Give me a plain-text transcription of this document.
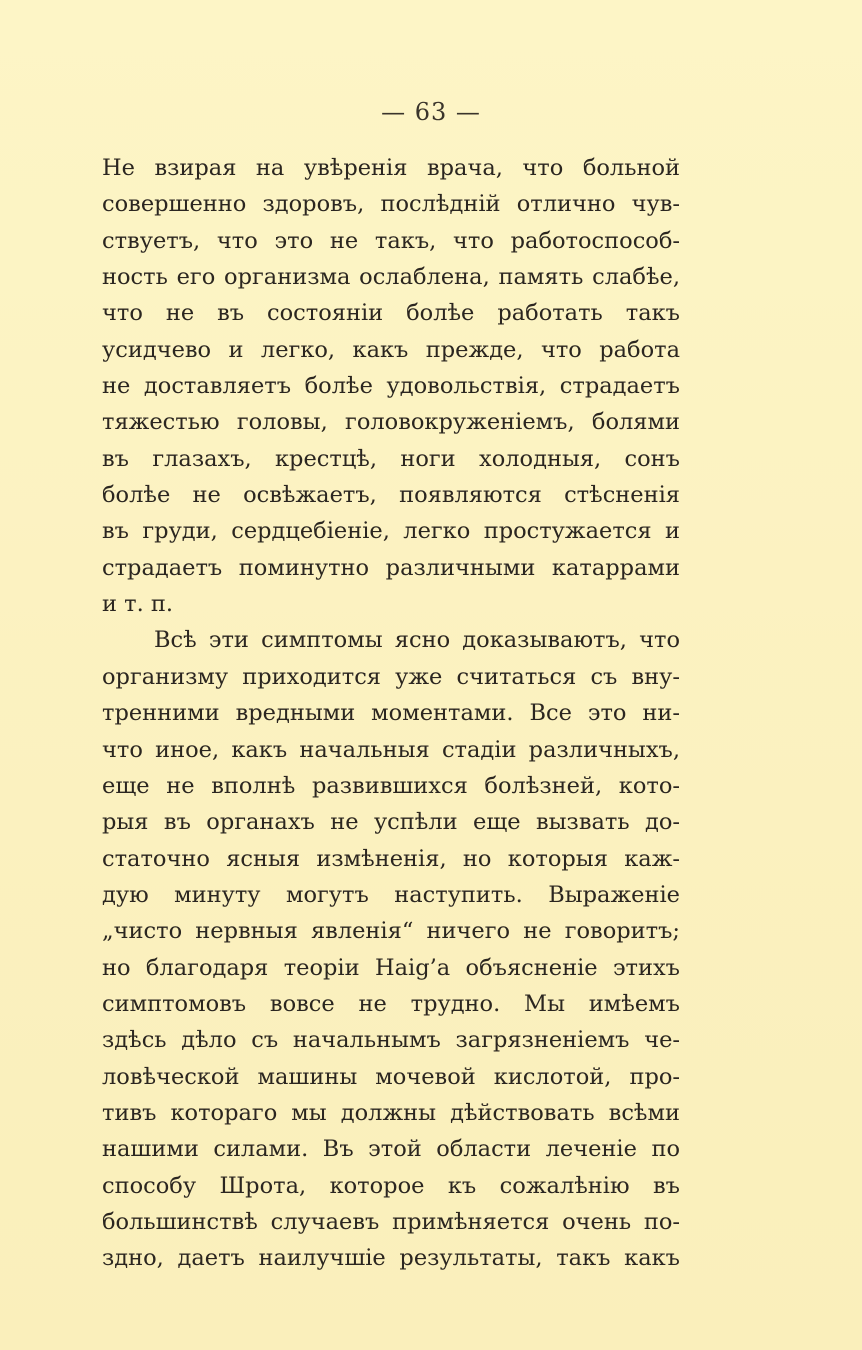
— 63 —
Не взирая на увѣренія врача, что больной
совершенно здоровъ, послѣдній отлично чув-
ствуетъ, что это не такъ, что работоспособ-
ность его организма ослаблена, память слабѣе,
что не въ состояніи болѣе работать такъ
усидчево и легко, какъ прежде, что работа
не доставляетъ болѣе удовольствія, страдаетъ
тяжестью головы, головокруженіемъ, болями
въ глазахъ, крестцѣ, ноги холодныя, сонъ
болѣе не освѣжаетъ, появляются стѣсненія
въ груди, сердцебіеніе, легко простужается и
страдаетъ поминутно различными катаррами
и т. п.
Всѣ эти симптомы ясно доказываютъ, что
организму приходится уже считаться съ вну-
тренними вредными моментами. Все это ни-
что иное, какъ начальныя стадіи различныхъ,
еще не вполнѣ развившихся болѣзней, кото-
рыя въ органахъ не успѣли еще вызвать до-
статочно ясныя измѣненія, но которыя каж-
дую минуту могутъ наступить. Выраженіе
„чисто нервныя явленія“ ничего не говоритъ;
но благодаря теоріи Haig’а объясненіе этихъ
симптомовъ вовсе не трудно. Мы имѣемъ
здѣсь дѣло съ начальнымъ загрязненіемъ че-
ловѣческой машины мочевой кислотой, про-
тивъ котораго мы должны дѣйствовать всѣми
нашими силами. Въ этой области леченіе по
способу Шрота, которое къ сожалѣнію въ
большинствѣ случаевъ примѣняется очень по-
здно, даетъ наилучшіе результаты, такъ какъ
